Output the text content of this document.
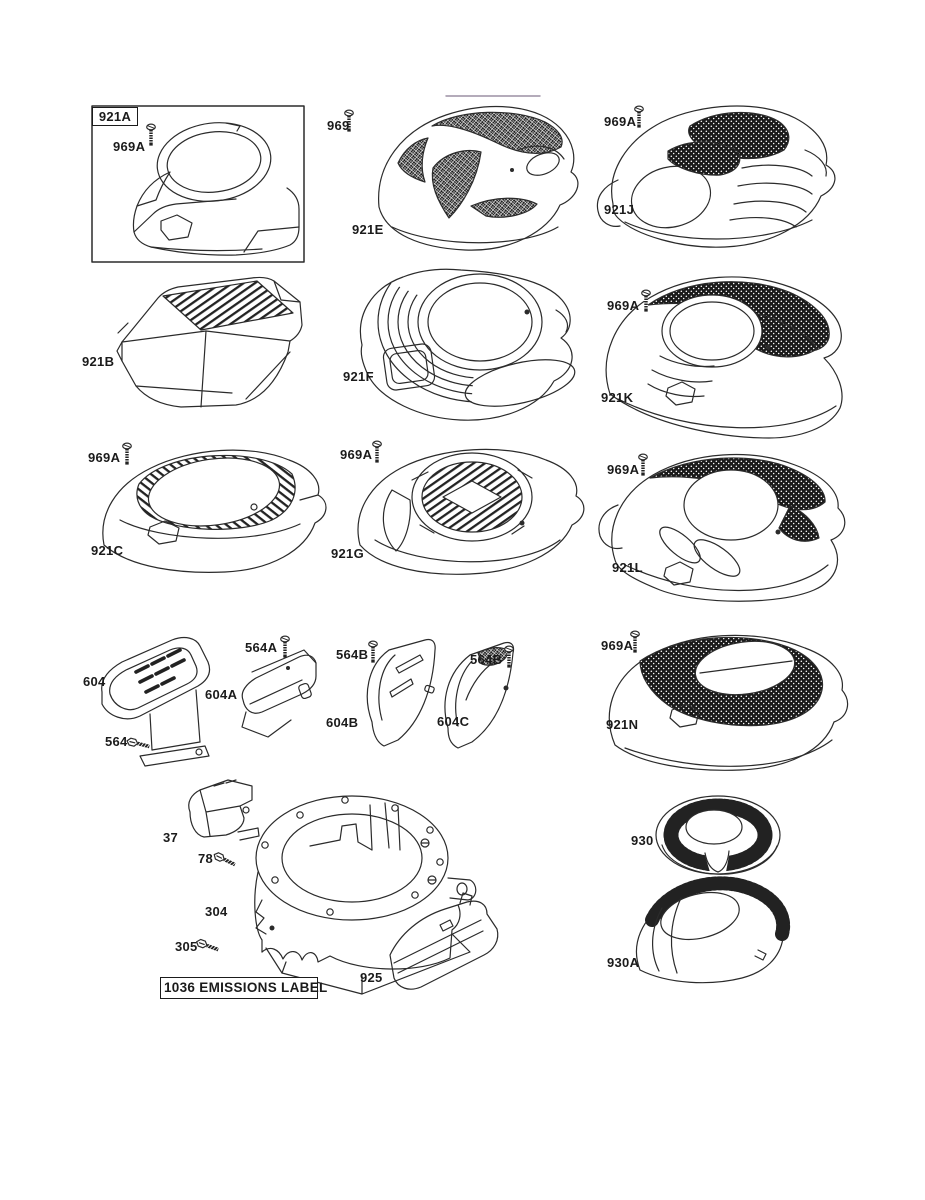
921A
969A
969
921E
969A
921J
921B
921F
969A
921K
969A
921C
969A
921G
969A
921L
604
564
564A
604A
564B
604B
564B
604C
969A
921N
37
78
304
305
925
1036 EMISSIONS LABEL
930
930A
